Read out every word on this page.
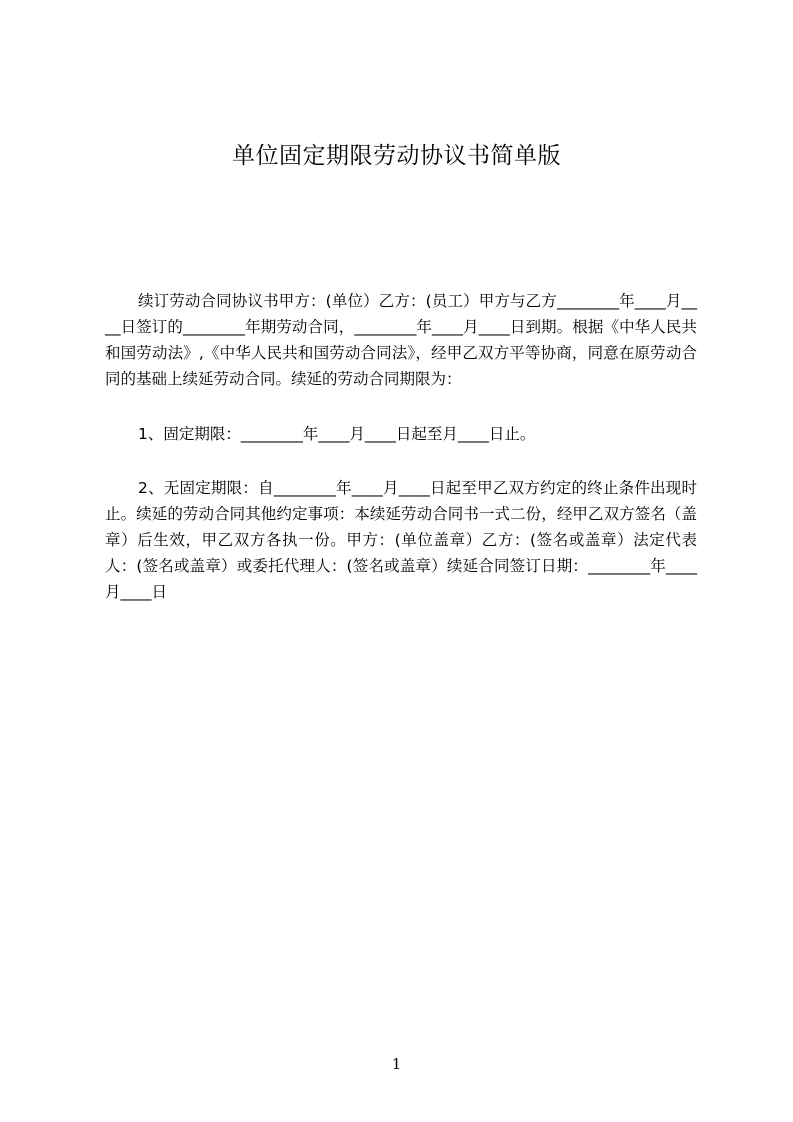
单位固定期限劳动协议书简单版

续订劳动合同协议书甲方：(单位）乙方：(员工）甲方与乙方________年____月____日签订的________年期劳动合同，________年____月____日到期。根据《中华人民共和国劳动法》,《中华人民共和国劳动合同法》，经甲乙双方平等协商，同意在原劳动合同的基础上续延劳动合同。续延的劳动合同期限为：

1、固定期限：________年____月____日起至月____日止。

2、无固定期限：自________年____月____日起至甲乙双方约定的终止条件出现时止。续延的劳动合同其他约定事项：本续延劳动合同书一式二份，经甲乙双方签名（盖章）后生效，甲乙双方各执一份。甲方：(单位盖章）乙方：(签名或盖章）法定代表人：(签名或盖章）或委托代理人：(签名或盖章）续延合同签订日期：________年____月____日

1
